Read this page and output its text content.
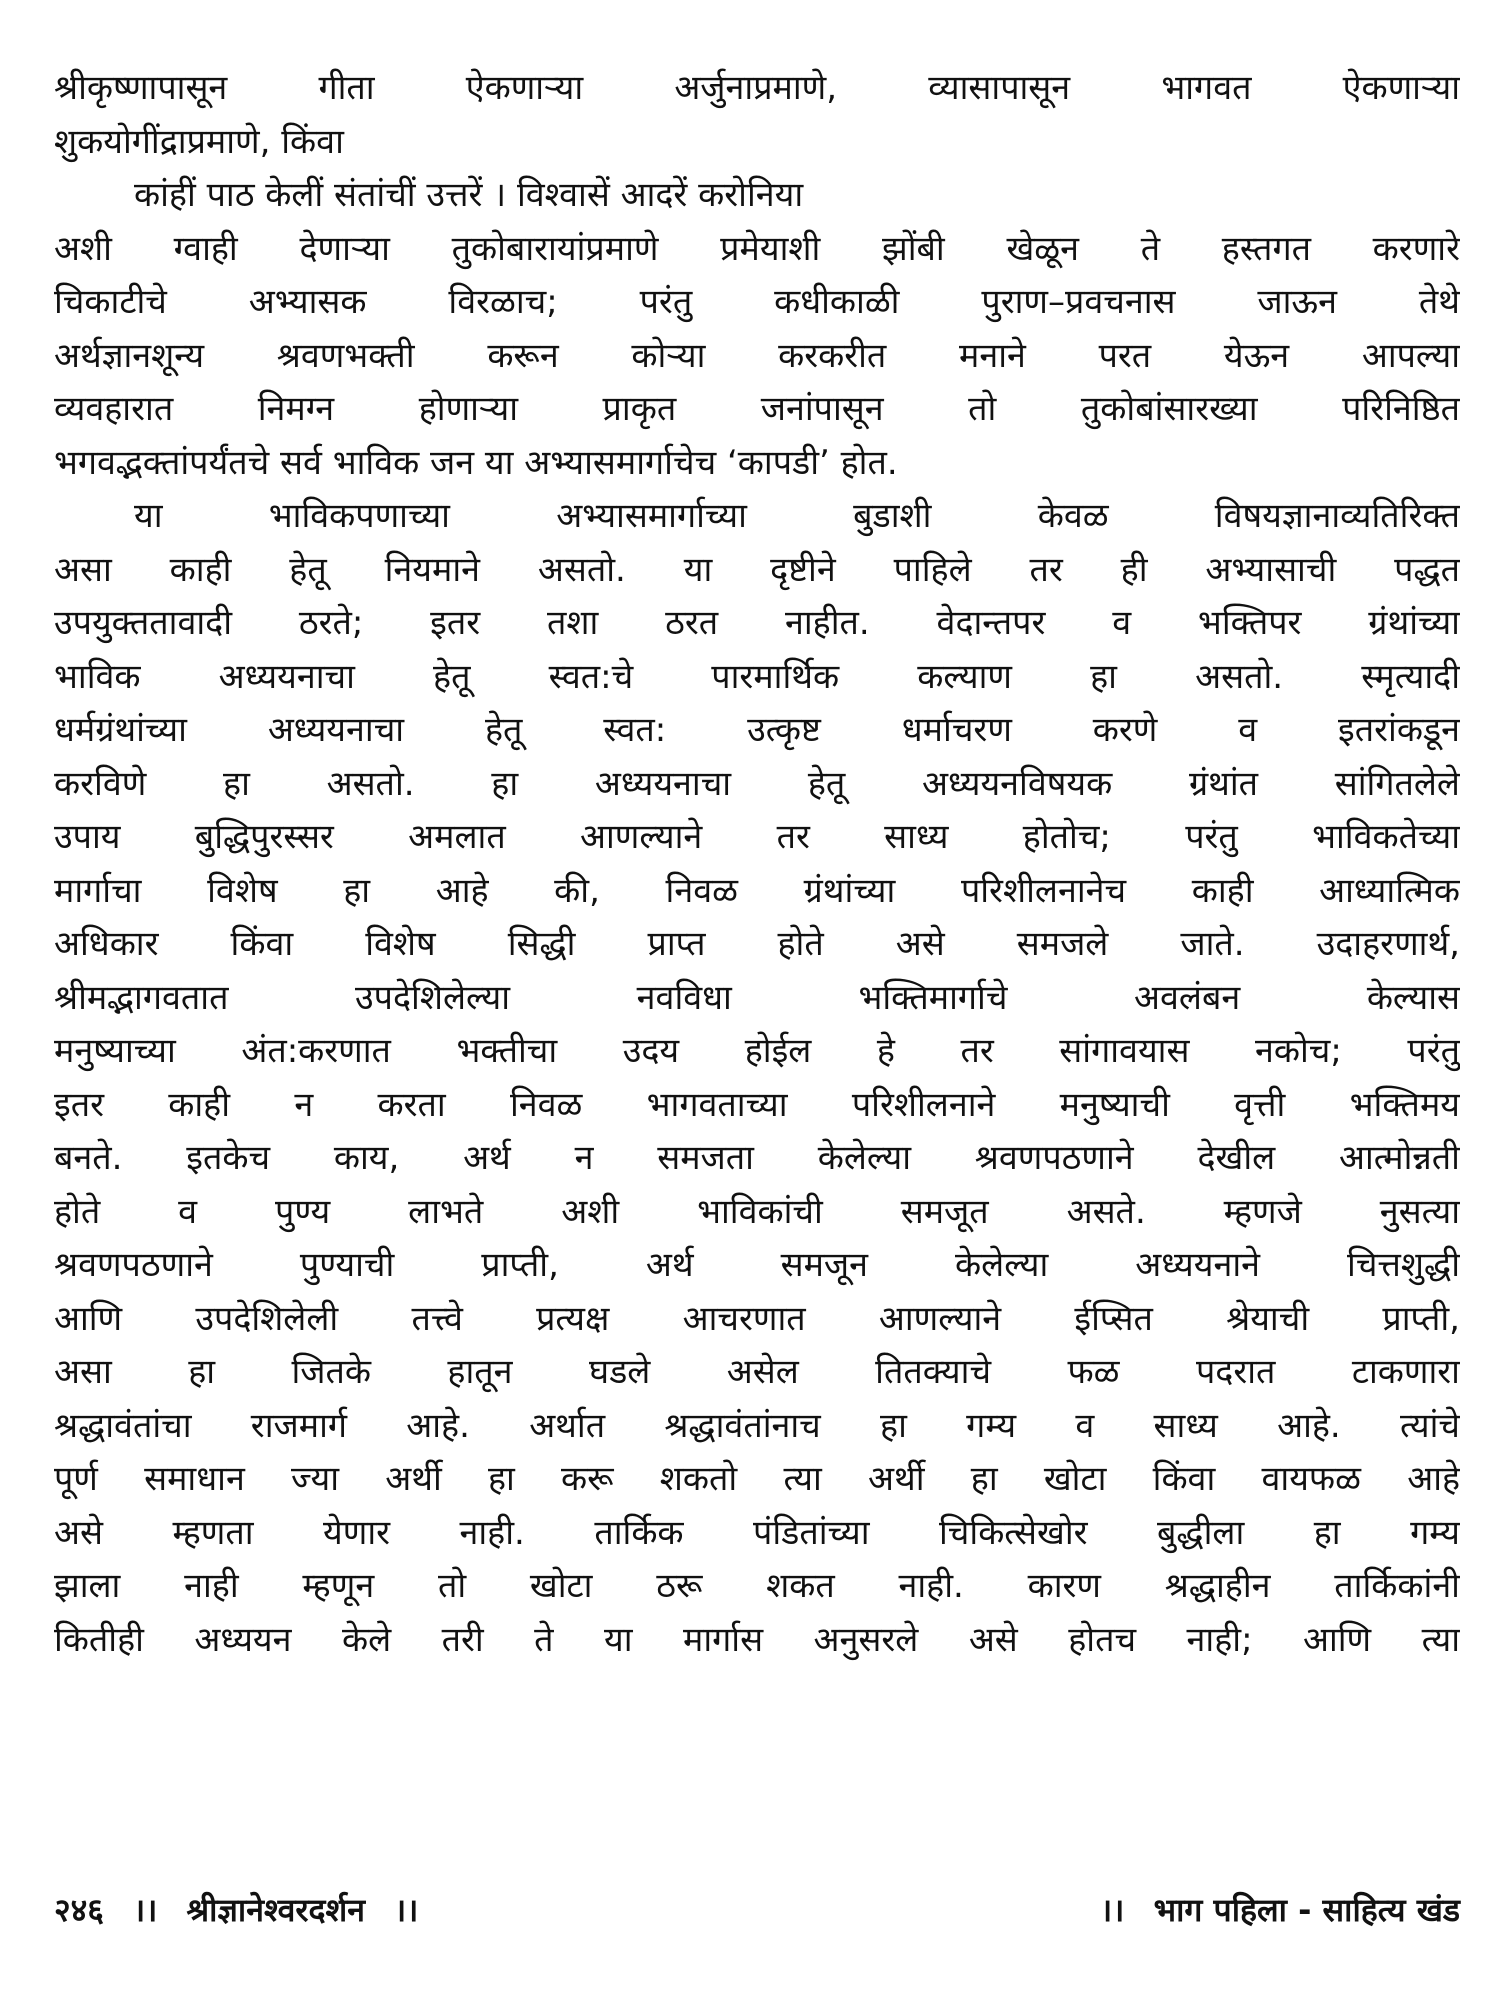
श्रीकृष्णापासून गीता ऐकणाऱ्या अर्जुनाप्रमाणे, व्यासापासून भागवत ऐकणाऱ्या

शुकयोगींद्राप्रमाणे, किंवा

कांहीं पाठ केलीं संतांचीं उत्तरें । विश्वासें आदरें करोनिया

अशी ग्वाही देणाऱ्या तुकोबारायांप्रमाणे प्रमेयाशी झोंबी खेळून ते हस्तगत करणारे

चिकाटीचे अभ्यासक विरळाच; परंतु कधीकाळी पुराण–प्रवचनास जाऊन तेथे

अर्थज्ञानशून्य श्रवणभक्ती करून कोऱ्या करकरीत मनाने परत येऊन आपल्या

व्यवहारात निमग्न होणाऱ्या प्राकृत जनांपासून तो तुकोबांसारख्या परिनिष्ठित

भगवद्भक्तांपर्यंतचे सर्व भाविक जन या अभ्यासमार्गाचेच ‘कापडी’ होत.

या भाविकपणाच्या अभ्यासमार्गाच्या बुडाशी केवळ विषयज्ञानाव्यतिरिक्त

असा काही हेतू नियमाने असतो. या दृष्टीने पाहिले तर ही अभ्यासाची पद्धत

उपयुक्ततावादी ठरते; इतर तशा ठरत नाहीत. वेदान्तपर व भक्तिपर ग्रंथांच्या

भाविक अध्ययनाचा हेतू स्वत:चे पारमार्थिक कल्याण हा असतो. स्मृत्यादी

धर्मग्रंथांच्या अध्ययनाचा हेतू स्वत: उत्कृष्ट धर्माचरण करणे व इतरांकडून

करविणे हा असतो. हा अध्ययनाचा हेतू अध्ययनविषयक ग्रंथांत सांगितलेले

उपाय बुद्धिपुरस्सर अमलात आणल्याने तर साध्य होतोच; परंतु भाविकतेच्या

मार्गाचा विशेष हा आहे की, निवळ ग्रंथांच्या परिशीलनानेच काही आध्यात्मिक

अधिकार किंवा विशेष सिद्धी प्राप्त होते असे समजले जाते. उदाहरणार्थ,

श्रीमद्भागवतात उपदेशिलेल्या नवविधा भक्तिमार्गाचे अवलंबन केल्यास

मनुष्याच्या अंत:करणात भक्तीचा उदय होईल हे तर सांगावयास नकोच; परंतु

इतर काही न करता निवळ भागवताच्या परिशीलनाने मनुष्याची वृत्ती भक्तिमय

बनते. इतकेच काय, अर्थ न समजता केलेल्या श्रवणपठणाने देखील आत्मोन्नती

होते व पुण्य लाभते अशी भाविकांची समजूत असते. म्हणजे नुसत्या

श्रवणपठणाने पुण्याची प्राप्ती, अर्थ समजून केलेल्या अध्ययनाने चित्तशुद्धी

आणि उपदेशिलेली तत्त्वे प्रत्यक्ष आचरणात आणल्याने ईप्सित श्रेयाची प्राप्ती,

असा हा जितके हातून घडले असेल तितक्याचे फळ पदरात टाकणारा

श्रद्धावंतांचा राजमार्ग आहे. अर्थात श्रद्धावंतांनाच हा गम्य व साध्य आहे. त्यांचे

पूर्ण समाधान ज्या अर्थी हा करू शकतो त्या अर्थी हा खोटा किंवा वायफळ आहे

असे म्हणता येणार नाही. तार्किक पंडितांच्या चिकित्सेखोर बुद्धीला हा गम्य

झाला नाही म्हणून तो खोटा ठरू शकत नाही. कारण श्रद्धाहीन तार्किकांनी

कितीही अध्ययन केले तरी ते या मार्गास अनुसरले असे होतच नाही; आणि त्या

२४६ ।। श्रीज्ञानेश्वरदर्शन ।।	।। भाग पहिला - साहित्य खंड
